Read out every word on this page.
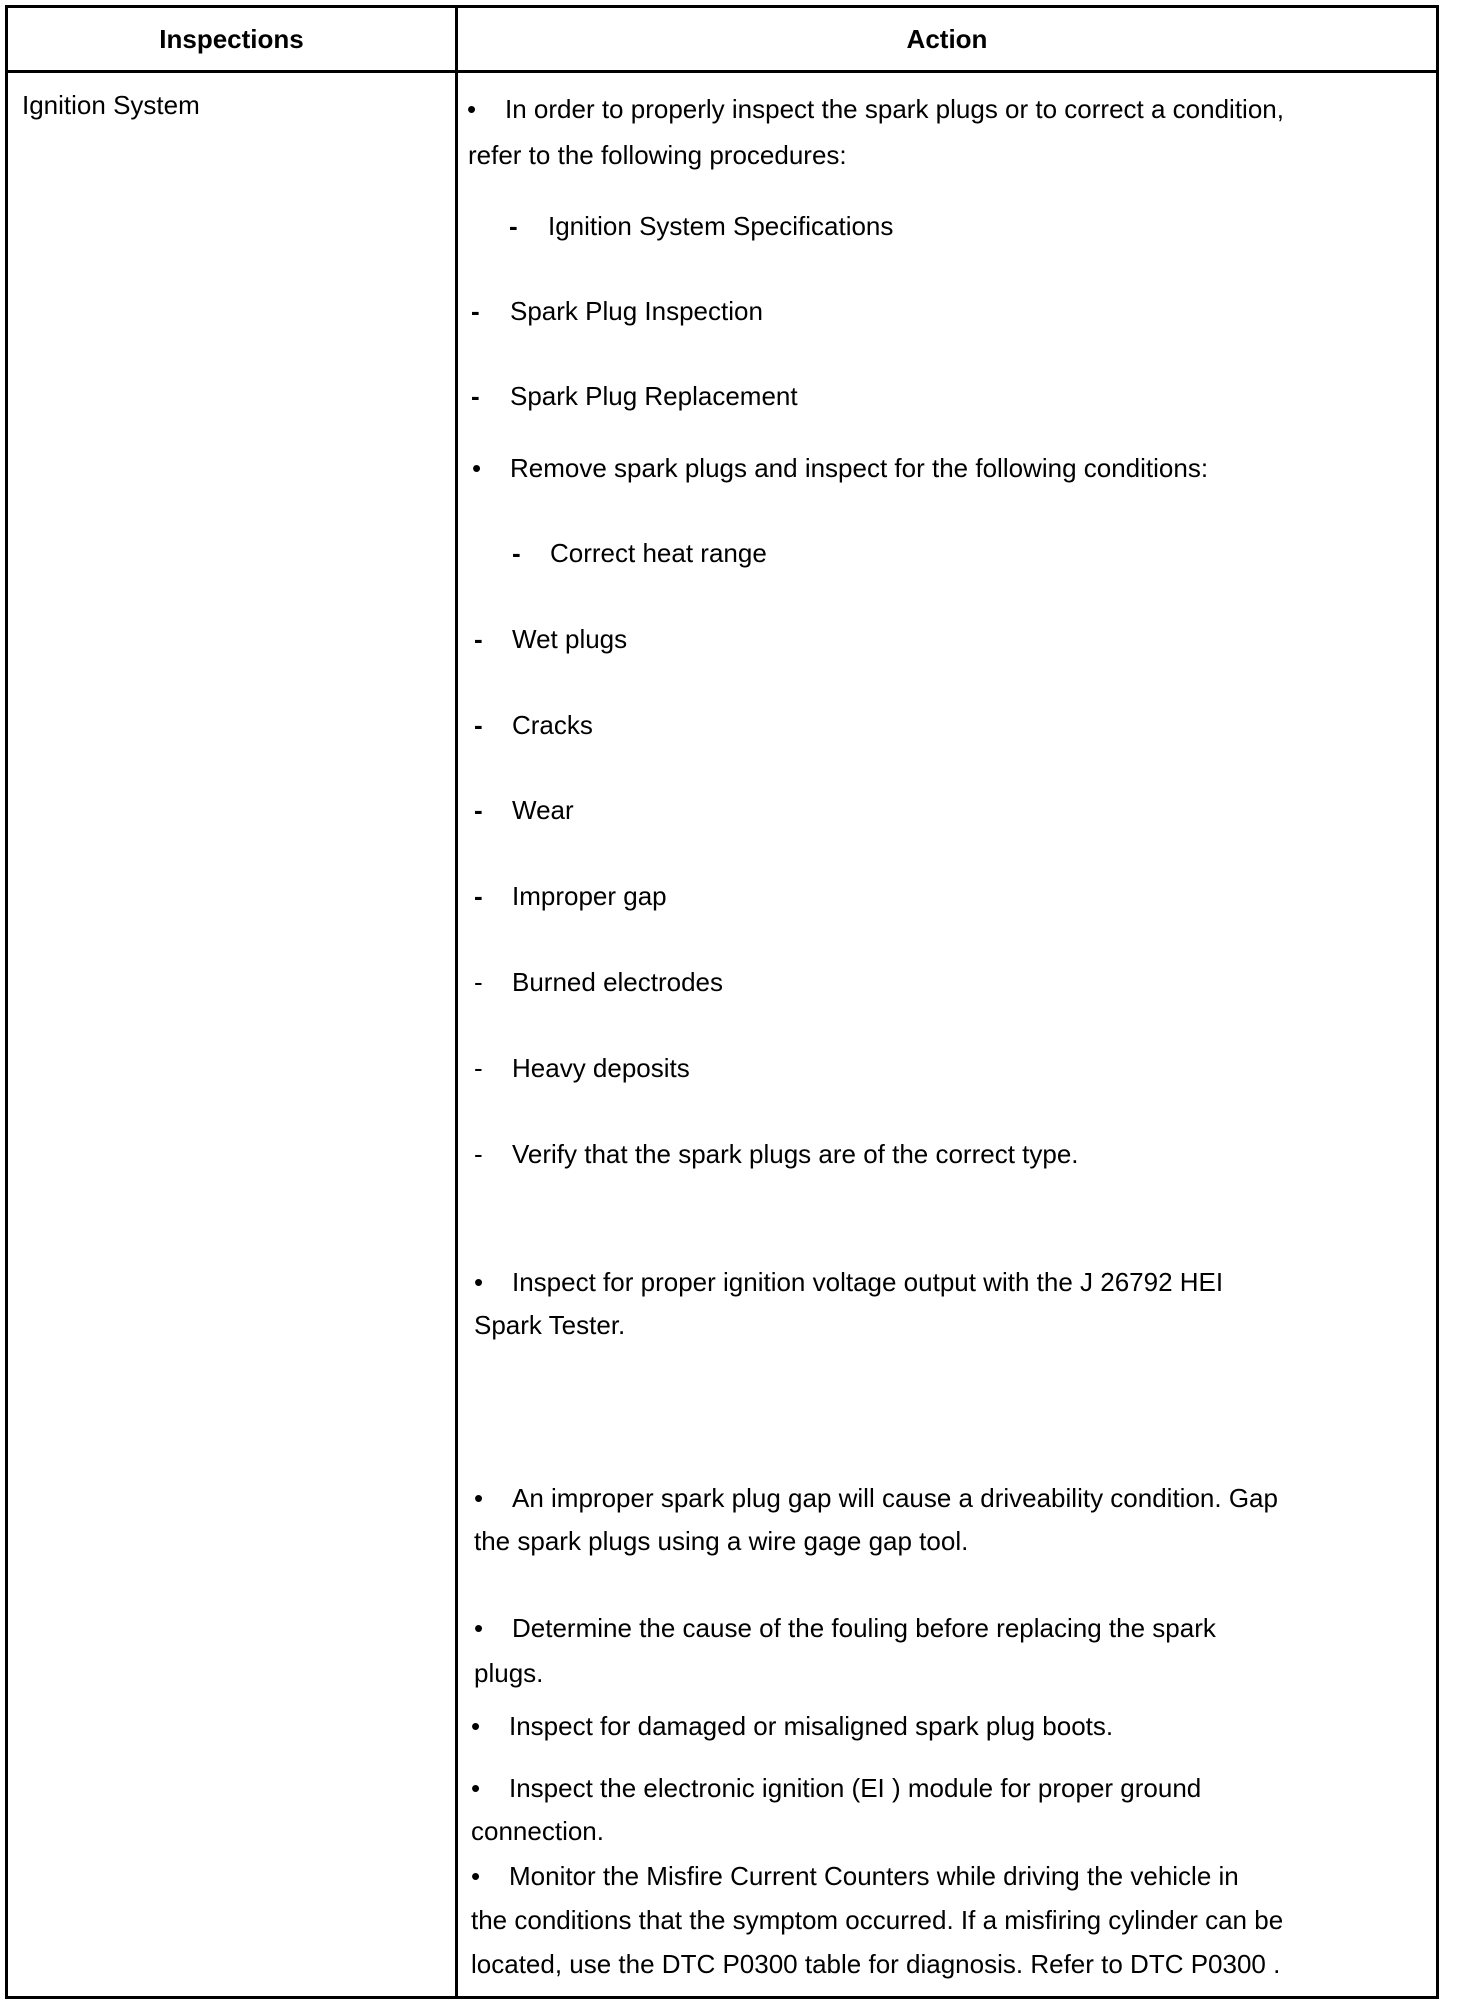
Inspections	Action
Ignition System	• In order to properly inspect the spark plugs or to correct a condition,
refer to the following procedures:
- Ignition System Specifications
- Spark Plug Inspection
- Spark Plug Replacement
• Remove spark plugs and inspect for the following conditions:
- Correct heat range
- Wet plugs
- Cracks
- Wear
- Improper gap
- Burned electrodes
- Heavy deposits
- Verify that the spark plugs are of the correct type.
• Inspect for proper ignition voltage output with the J 26792 HEI
Spark Tester.
• An improper spark plug gap will cause a driveability condition. Gap
the spark plugs using a wire gage gap tool.
• Determine the cause of the fouling before replacing the spark
plugs.
• Inspect for damaged or misaligned spark plug boots.
• Inspect the electronic ignition (EI ) module for proper ground
connection.
• Monitor the Misfire Current Counters while driving the vehicle in
the conditions that the symptom occurred. If a misfiring cylinder can be
located, use the DTC P0300 table for diagnosis. Refer to DTC P0300 .
